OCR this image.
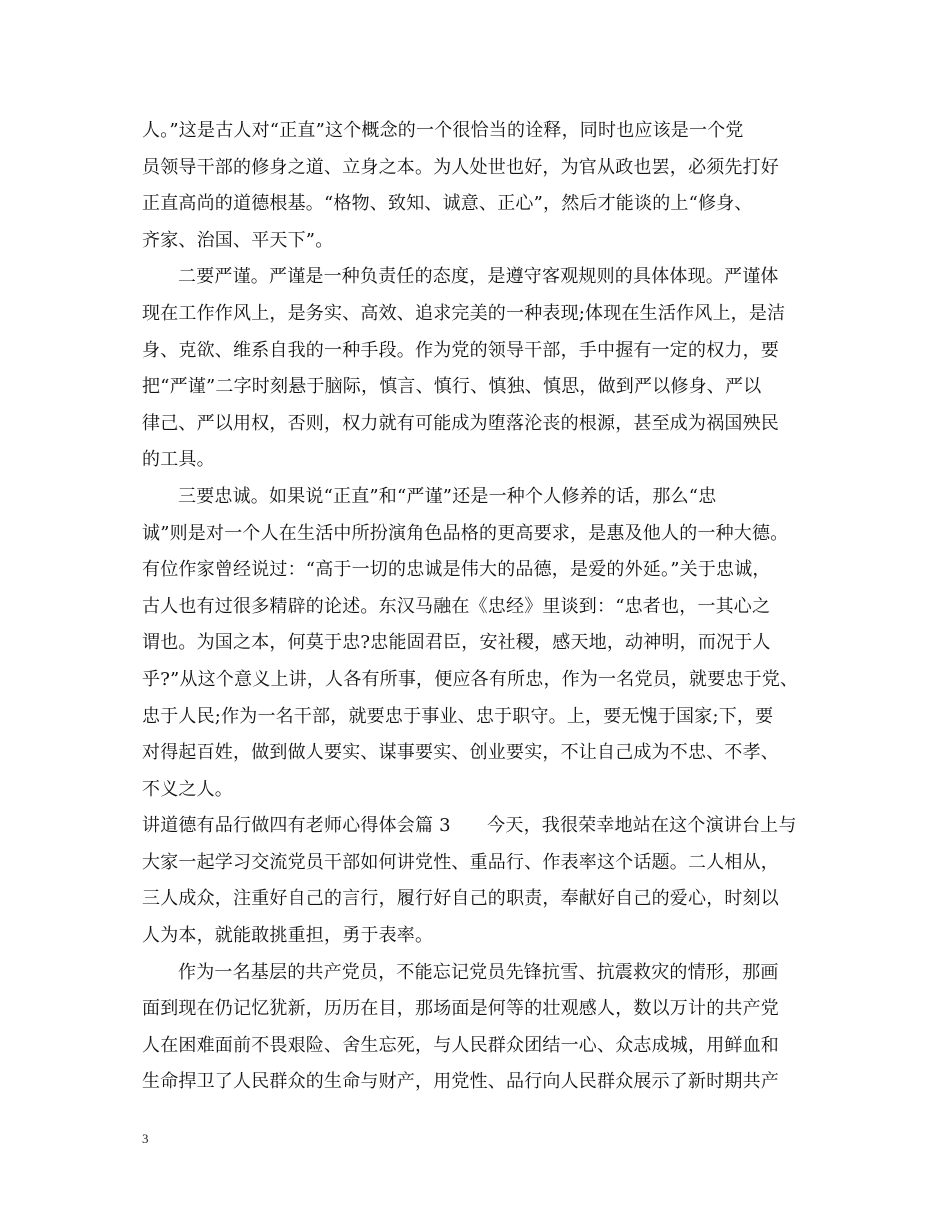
人。”这是古人对“正直”这个概念的一个很恰当的诠释，同时也应该是一个党
员领导干部的修身之道、立身之本。为人处世也好，为官从政也罢，必须先打好
正直高尚的道德根基。“格物、致知、诚意、正心”，然后才能谈的上“修身、
齐家、治国、平天下”。
二要严谨。严谨是一种负责任的态度，是遵守客观规则的具体体现。严谨体
现在工作作风上，是务实、高效、追求完美的一种表现;体现在生活作风上，是洁
身、克欲、维系自我的一种手段。作为党的领导干部，手中握有一定的权力，要
把“严谨”二字时刻悬于脑际，慎言、慎行、慎独、慎思，做到严以修身、严以
律己、严以用权，否则，权力就有可能成为堕落沦丧的根源，甚至成为祸国殃民
的工具。
三要忠诚。如果说“正直”和“严谨”还是一种个人修养的话，那么“忠
诚”则是对一个人在生活中所扮演角色品格的更高要求，是惠及他人的一种大德。
有位作家曾经说过：“高于一切的忠诚是伟大的品德，是爱的外延。”关于忠诚，
古人也有过很多精辟的论述。东汉马融在《忠经》里谈到：“忠者也，一其心之
谓也。为国之本，何莫于忠?忠能固君臣，安社稷，感天地，动神明，而况于人
乎?”从这个意义上讲，人各有所事，便应各有所忠，作为一名党员，就要忠于党、
忠于人民;作为一名干部，就要忠于事业、忠于职守。上，要无愧于国家;下，要
对得起百姓，做到做人要实、谋事要实、创业要实，不让自己成为不忠、不孝、
不义之人。
讲道德有品行做四有老师心得体会篇 3　　今天，我很荣幸地站在这个演讲台上与
大家一起学习交流党员干部如何讲党性、重品行、作表率这个话题。二人相从，
三人成众，注重好自己的言行，履行好自己的职责，奉献好自己的爱心，时刻以
人为本，就能敢挑重担，勇于表率。
作为一名基层的共产党员，不能忘记党员先锋抗雪、抗震救灾的情形，那画
面到现在仍记忆犹新，历历在目，那场面是何等的壮观感人，数以万计的共产党
人在困难面前不畏艰险、舍生忘死，与人民群众团结一心、众志成城，用鲜血和
生命捍卫了人民群众的生命与财产，用党性、品行向人民群众展示了新时期共产
3
